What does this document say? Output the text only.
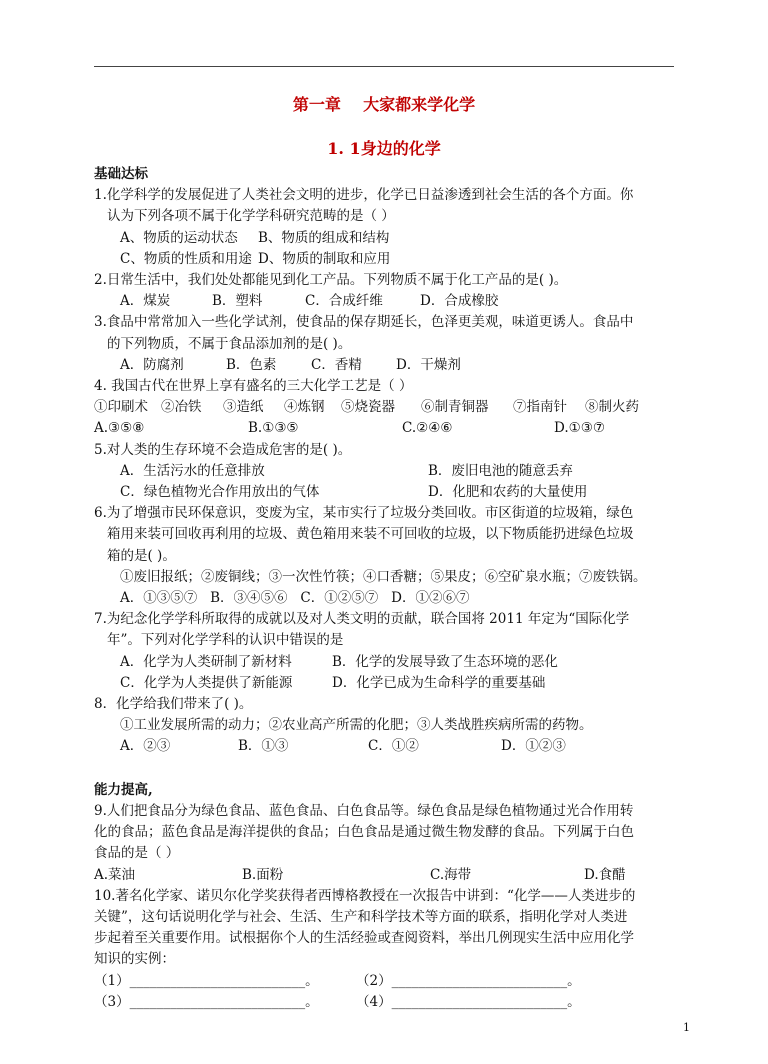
第一章    大家都来学化学
1. 1身边的化学
基础达标
1.化学科学的发展促进了人类社会文明的进步，化学已日益渗透到社会生活的各个方面。你
认为下列各项不属于化学学科研究范畴的是（ ）
A、物质的运动状态	B、物质的组成和结构
C、物质的性质和用途 D、物质的制取和应用
2.日常生活中，我们处处都能见到化工产品。下列物质不属于化工产品的是( )。
A．煤炭	B．塑料	C．合成纤维	D．合成橡胶
3.食品中常常加入一些化学试剂，使食品的保存期延长，色泽更美观，味道更诱人。食品中
的下列物质，不属于食品添加剂的是( )。
A．防腐剂	B．色素	C．香精	D．干燥剂
4. 我国古代在世界上享有盛名的三大化学工艺是（ ）
①印刷术 ②冶铁	③造纸	④炼钢	⑤烧瓷器	⑥制青铜器	⑦指南针	⑧制火药
A.③⑤⑧	B.①③⑤	C.②④⑥	D.①③⑦
5.对人类的生存环境不会造成危害的是( )。
A．生活污水的任意排放	B．废旧电池的随意丢弃
C．绿色植物光合作用放出的气体	D．化肥和农药的大量使用
6.为了增强市民环保意识，变废为宝，某市实行了垃圾分类回收。市区街道的垃圾箱，绿色
箱用来装可回收再利用的垃圾、黄色箱用来装不可回收的垃圾，以下物质能扔进绿色垃圾
箱的是( )。
①废旧报纸；②废铜线；③一次性竹筷；④口香糖；⑤果皮；⑥空矿泉水瓶；⑦废铁锅。
A．①③⑤⑦   B．③④⑤⑥   C．①②⑤⑦   D．①②⑥⑦
7.为纪念化学学科所取得的成就以及对人类文明的贡献，联合国将 2011 年定为“国际化学
年”。下列对化学学科的认识中错误的是
A．化学为人类研制了新材料	B．化学的发展导致了生态环境的恶化
C．化学为人类提供了新能源	D．化学已成为生命科学的重要基础
8．化学给我们带来了( )。
①工业发展所需的动力；②农业高产所需的化肥；③人类战胜疾病所需的药物。
A．②③	B．①③	C．①②	D．①②③
能力提高,
9.人们把食品分为绿色食品、蓝色食品、白色食品等。绿色食品是绿色植物通过光合作用转
化的食品；蓝色食品是海洋提供的食品；白色食品是通过微生物发酵的食品。下列属于白色
食品的是（ ）
A.菜油	B.面粉	C.海带	D.食醋
10.著名化学家、诺贝尔化学奖获得者西博格教授在一次报告中讲到：“化学——人类进步的
关键”，这句话说明化学与社会、生活、生产和科学技术等方面的联系，指明化学对人类进
步起着至关重要作用。试根据你个人的生活经验或查阅资料，举出几例现实生活中应用化学
知识的实例：
（1）__________________________。	（2）__________________________。
（3）__________________________。	（4）__________________________。
1
